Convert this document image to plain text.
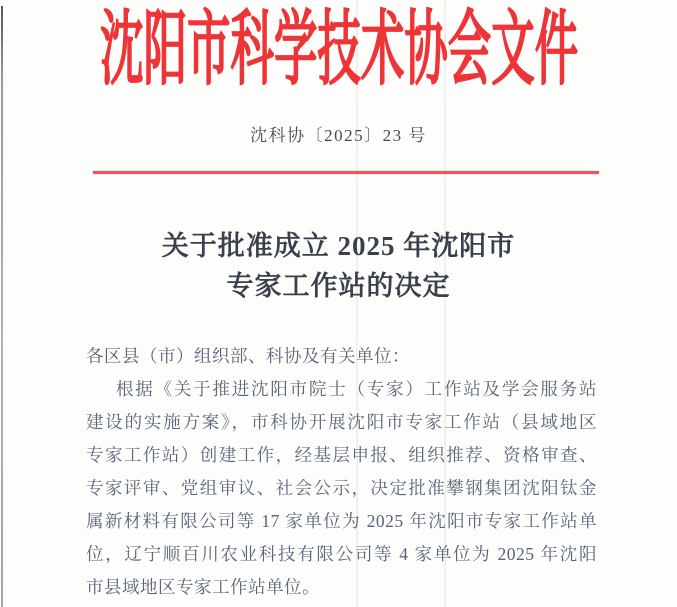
沈阳市科学技术协会文件
沈科协〔2025〕23 号
关于批准成立 2025 年沈阳市
专家工作站的决定
各区县（市）组织部、科协及有关单位：
根据《关于推进沈阳市院士（专家）工作站及学会服务站
建设的实施方案》，市科协开展沈阳市专家工作站（县域地区
专家工作站）创建工作，经基层申报、组织推荐、资格审查、
专家评审、党组审议、社会公示，决定批准攀钢集团沈阳钛金
属新材料有限公司等 17 家单位为 2025 年沈阳市专家工作站单
位，辽宁顺百川农业科技有限公司等 4 家单位为 2025 年沈阳
市县域地区专家工作站单位。
